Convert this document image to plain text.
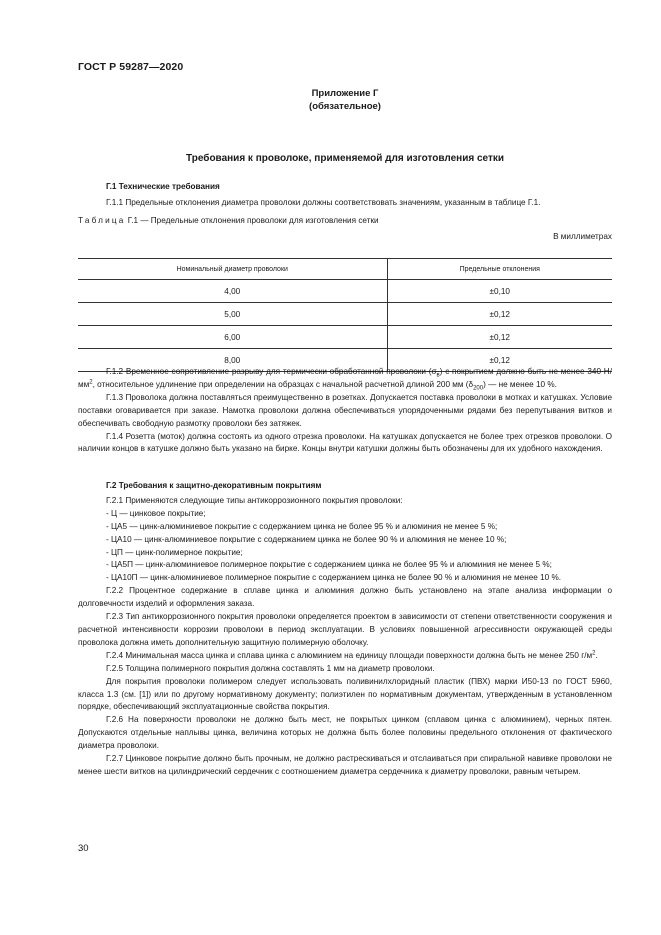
ГОСТ Р 59287—2020
Приложение Г
(обязательное)
Требования к проволоке, применяемой для изготовления сетки

Г.1 Технические требования

Г.1.1 Предельные отклонения диаметра проволоки должны соответствовать значениям, указанным в таблице Г.1.

Таблица Г.1 — Предельные отклонения проволоки для изготовления сетки

В миллиметрах

Номинальный диаметр проволоки	Предельные отклонения
4,00	±0,10
5,00	±0,12
6,00	±0,12
8,00	±0,12

Г.1.2 Временное сопротивление разрыву для термически обработанной проволоки $(\sigma_в)$ с покрытием должно быть не менее 340 $Н/мм^2$, относительное удлинение при определении на образцах с начальной расчетной длиной 200 мм $(\delta_{200})$ — не менее 10 %.

Г.1.3 Проволока должна поставляться преимущественно в розетках. Допускается поставка проволоки в мотках и катушках. Условие поставки оговаривается при заказе. Намотка проволоки должна обеспечиваться упорядоченными рядами без перепутывания витков и обеспечивать свободную размотку проволоки без затяжек.

Г.1.4 Розетта (моток) должна состоять из одного отрезка проволоки. На катушках допускается не более трех отрезков проволоки. О наличии концов в катушке должно быть указано на бирке. Концы внутри катушки должны быть обозначены для их удобного нахождения.

Г.2 Требования к защитно-декоративным покрытиям

Г.2.1 Применяются следующие типы антикоррозионного покрытия проволоки:

- Ц — цинковое покрытие;

- ЦА5 — цинк-алюминиевое покрытие с содержанием цинка не более 95 % и алюминия не менее 5 %;

- ЦА10 — цинк-алюминиевое покрытие с содержанием цинка не более 90 % и алюминия не менее 10 %;

- ЦП — цинк-полимерное покрытие;

- ЦА5П — цинк-алюминиевое полимерное покрытие с содержанием цинка не более 95 % и алюминия не менее 5 %;

- ЦА10П — цинк-алюминиевое полимерное покрытие с содержанием цинка не более 90 % и алюминия не менее 10 %.

Г.2.2 Процентное содержание в сплаве цинка и алюминия должно быть установлено на этапе анализа информации о долговечности изделий и оформления заказа.

Г.2.3 Тип антикоррозионного покрытия проволоки определяется проектом в зависимости от степени ответственности сооружения и расчетной интенсивности коррозии проволоки в период эксплуатации. В условиях повышенной агрессивности окружающей среды проволока должна иметь дополнительную защитную полимерную оболочку.

Г.2.4 Минимальная масса цинка и сплава цинка с алюминием на единицу площади поверхности должна быть не менее 250 $г/м^2$.

Г.2.5 Толщина полимерного покрытия должна составлять 1 мм на диаметр проволоки.

Для покрытия проволоки полимером следует использовать поливинилхлоридный пластик (ПВХ) марки И50-13 по ГОСТ 5960, класса 1.3 (см. [1]) или по другому нормативному документу; полиэтилен по нормативным документам, утвержденным в установленном порядке, обеспечивающий эксплуатационные свойства покрытия.

Г.2.6 На поверхности проволоки не должно быть мест, не покрытых цинком (сплавом цинка с алюминием), черных пятен. Допускаются отдельные наплывы цинка, величина которых не должна быть более половины предельного отклонения от фактического диаметра проволоки.

Г.2.7 Цинковое покрытие должно быть прочным, не должно растрескиваться и отслаиваться при спиральной навивке проволоки не менее шести витков на цилиндрический сердечник с соотношением диаметра сердечника к диаметру проволоки, равным четырем.

30
